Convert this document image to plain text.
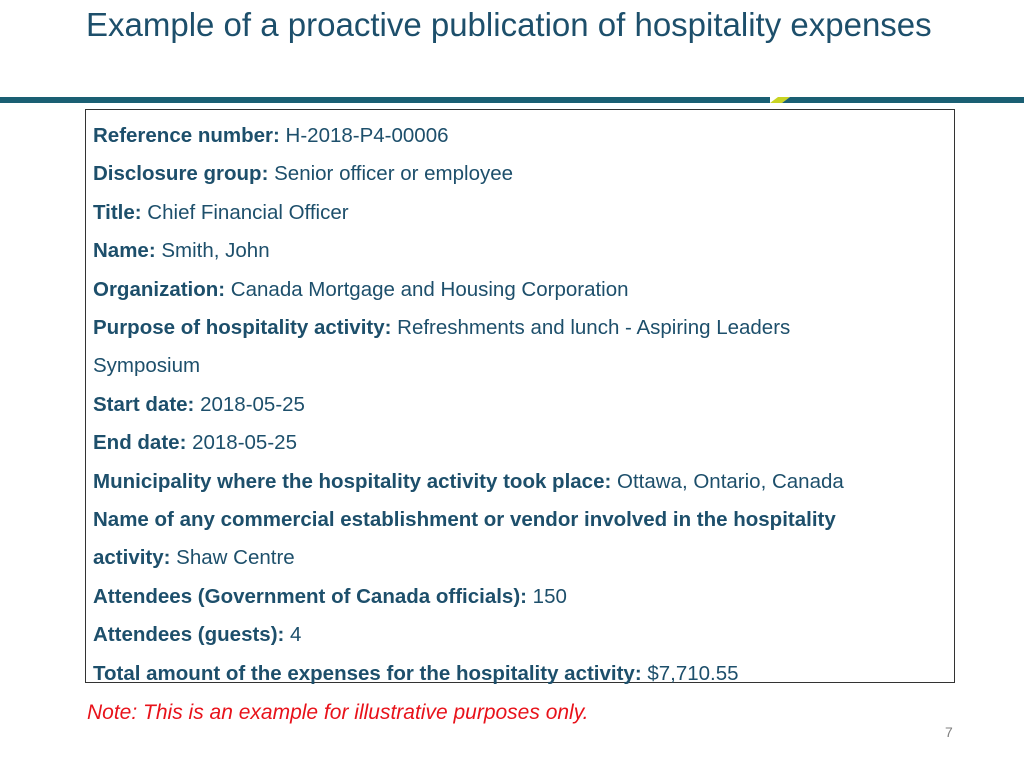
Example of a proactive publication of hospitality expenses

Reference number: H-2018-P4-00006

Disclosure group: Senior officer or employee

Title: Chief Financial Officer

Name: Smith, John

Organization: Canada Mortgage and Housing Corporation

Purpose of hospitality activity: Refreshments and lunch - Aspiring Leaders

Symposium

Start date: 2018-05-25

End date: 2018-05-25

Municipality where the hospitality activity took place: Ottawa, Ontario, Canada

Name of any commercial establishment or vendor involved in the hospitality

activity: Shaw Centre

Attendees (Government of Canada officials): 150

Attendees (guests): 4

Total amount of the expenses for the hospitality activity: $7,710.55

Note: This is an example for illustrative purposes only.

7
